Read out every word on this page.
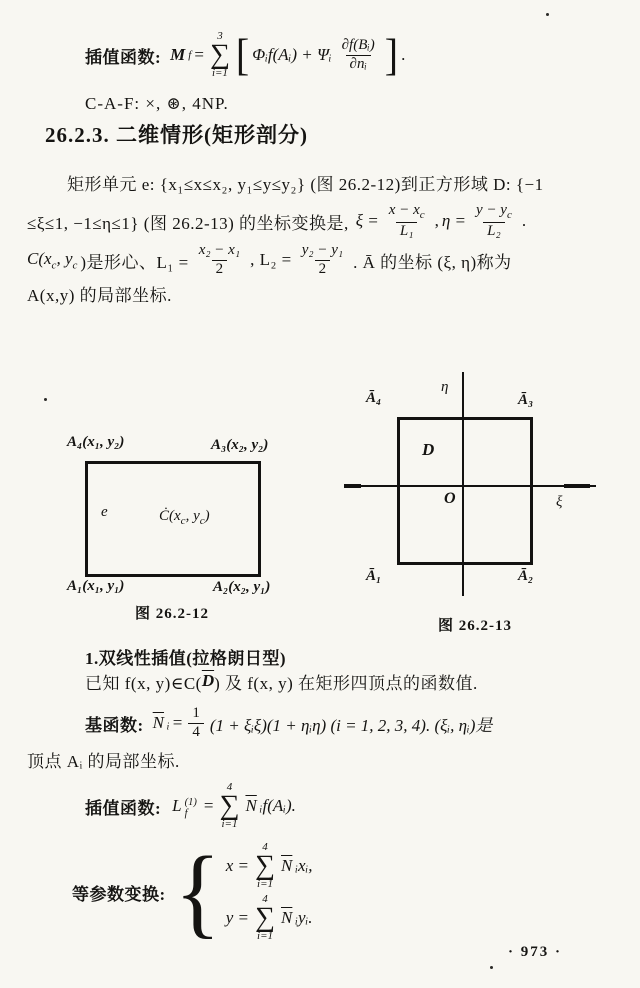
插值函数: M f =
3
∑
i=1 [ Φᵢf(Aᵢ) + Ψᵢ $\frac{\text{∂f(Bᵢ)}}{\text{∂nᵢ}}$ ] .
C-A-F: ×, ⊛, 4NP.
26.2.3. 二维情形(矩形剖分)
矩形单元 e: {x₁≤x≤x₂, y₁≤y≤y₂} (图 26.2-12)到正方形域 D: {−1
≤ξ≤1, −1≤η≤1} (图 26.2-13) 的坐标变换是, $\xi = \frac{x - x_c}{\text{L₁}}$ , $\eta = \frac{y - y_c}{\text{L₂}}$ .
$C(x_c$, $y_c$ )是形心、$L_1 = \frac{\text{x₂ − x₁}}{2}$ , $L_2 = \frac{\text{y₂ − y₁}}{2}$ . Ā 的坐标 (ξ, η)称为
A(x,y) 的局部坐标.
A₄(x₁, y₂)	A₃(x₂, y₂)
A₁(x₁, y₁)	A₂(x₂, y₁)
e	$Ċ(x_c$, $y_c$)
图 26.2-12
η
ξ
Ā₄	Ā₃
Ā₁	Ā₂
D
O
图 26.2-13
1.双线性插值(拉格朗日型)
已知 f(x, y)∈C( $\overline{D}$ ) 及 f(x, y) 在矩形四顶点的函数值.
基函数: $\overline{N}$ ᵢ = $\frac{1}{4} (1$ + ξᵢξ)(1 + ηᵢη) (i = 1, 2, 3, 4). (ξᵢ, ηᵢ)是
顶点 Aᵢ 的局部坐标.
插值函数: L (1)
f =
4
∑
i=1
$\overline{N}$ ᵢf(Aᵢ).
等参数变换: { x =
4
∑
i=1
$\overline{N}$ ᵢxᵢ,
y =
4
∑
i=1
$\overline{N}$ ᵢyᵢ.
· 973 ·
